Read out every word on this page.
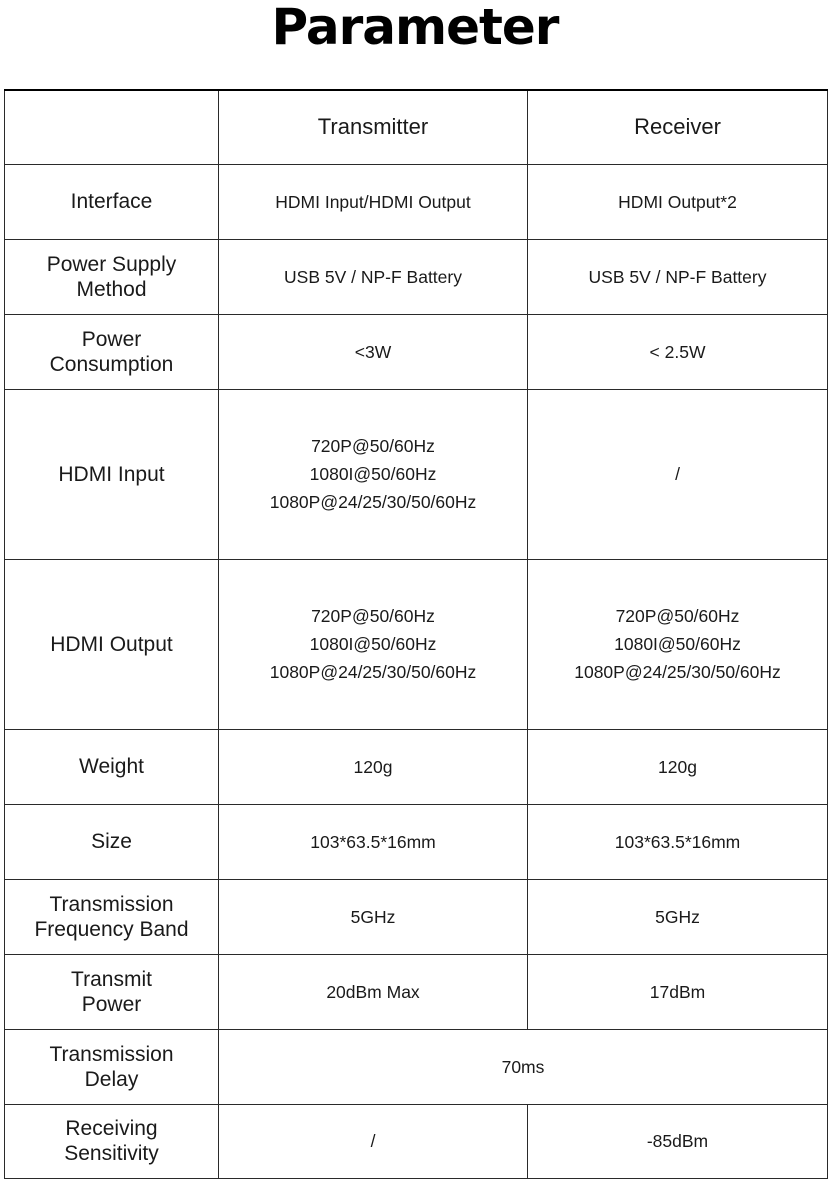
Parameter
	Transmitter	Receiver

Interface	HDMI Input/HDMI Output	HDMI Output*2

Power Supply
Method	USB 5V / NP-F Battery	USB 5V / NP-F Battery

Power
Consumption	<3W	< 2.5W

HDMI Input	720P@50/60Hz
1080I@50/60Hz
1080P@24/25/30/50/60Hz	/

HDMI Output	720P@50/60Hz
1080I@50/60Hz
1080P@24/25/30/50/60Hz	720P@50/60Hz
1080I@50/60Hz
1080P@24/25/30/50/60Hz

Weight	120g	120g

Size	103*63.5*16mm	103*63.5*16mm

Transmission
Frequency Band	5GHz	5GHz

Transmit
Power	20dBm Max	17dBm

Transmission
Delay	70ms	

Receiving
Sensitivity	/	-85dBm
